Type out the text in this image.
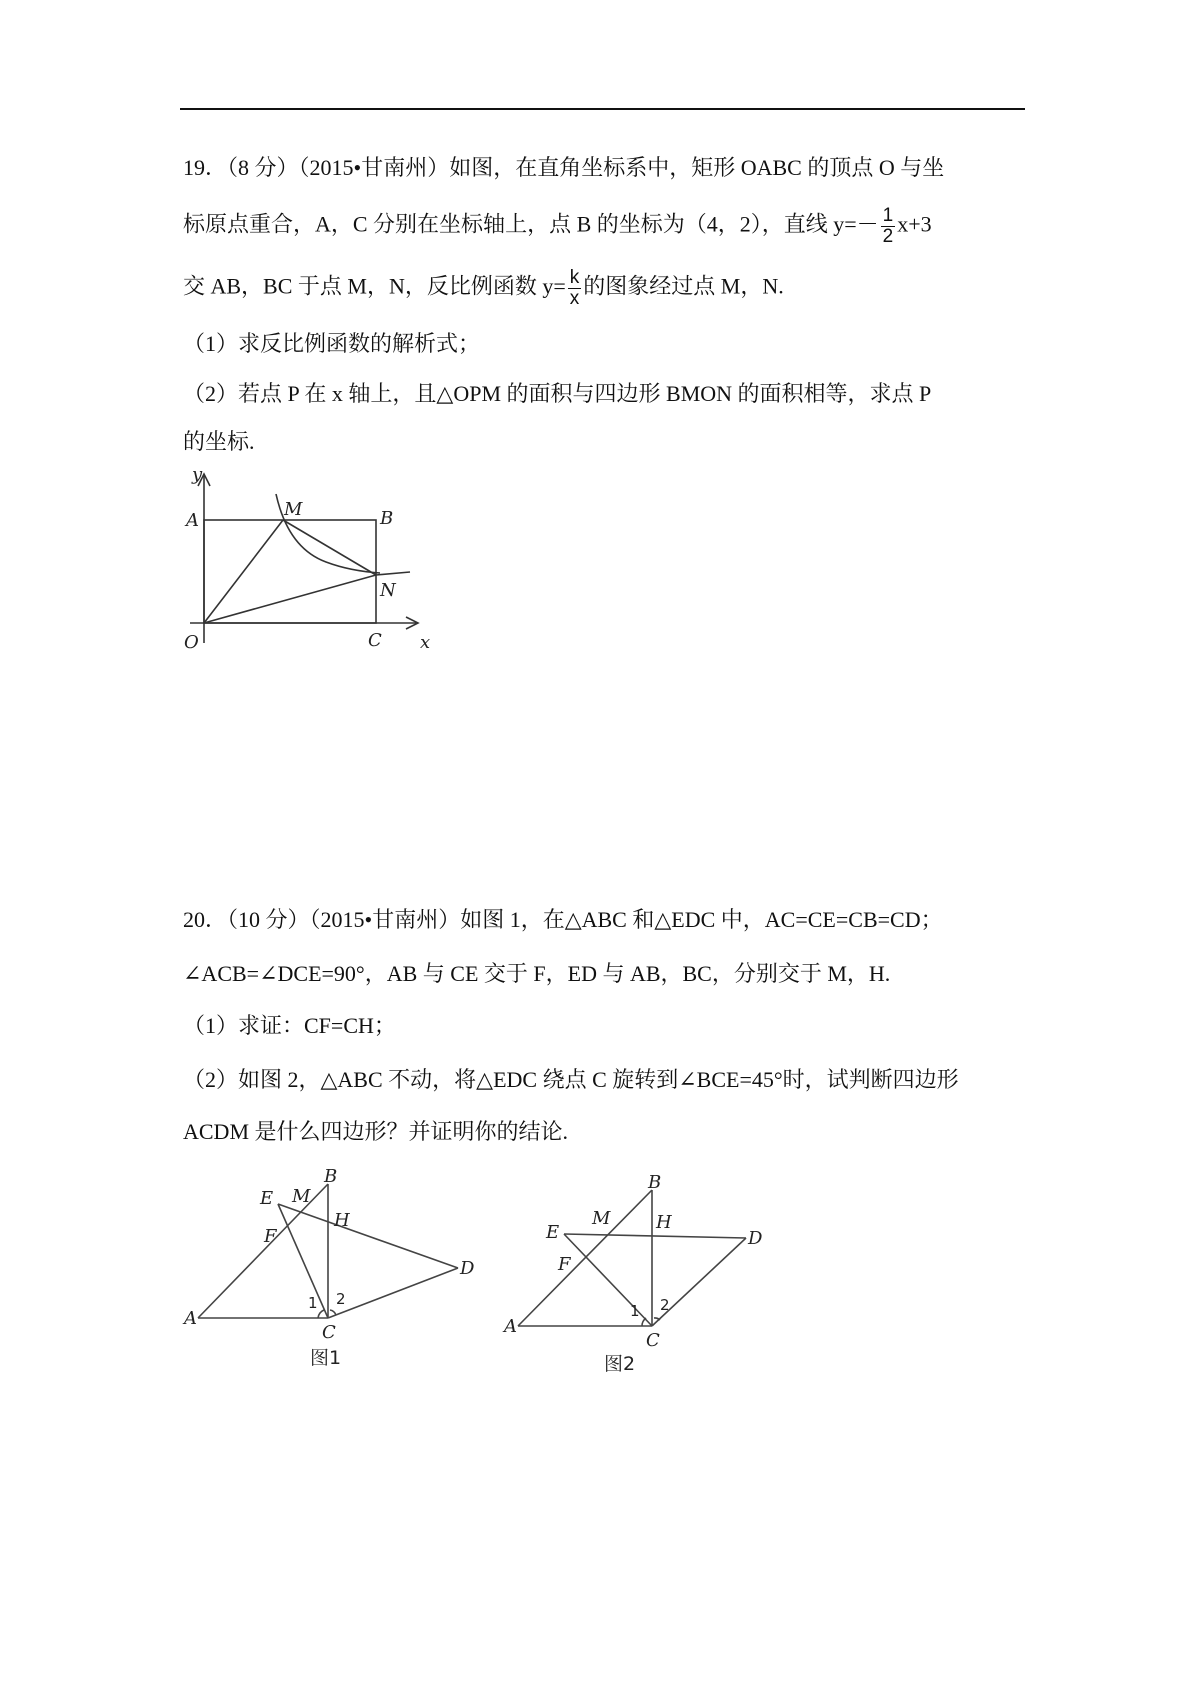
19．（8 分）（2015•甘南州）如图，在直角坐标系中，矩形 OABC 的顶点 O 与坐
标原点重合，A，C 分别在坐标轴上，点 B 的坐标为（4，2），直线 $y=- \frac{1}{2} x+3$
交 AB，BC 于点 M，N，反比例函数 $y= \frac{k}{x}$ 的图象经过点 M，N.
（1）求反比例函数的解析式；
（2）若点 P 在 x 轴上，且△OPM 的面积与四边形 BMON 的面积相等，求点 P
的坐标.
y
A
M	B
N
O	C x
20．（10 分）（2015•甘南州）如图 1，在△ABC 和△EDC 中，AC=CE=CB=CD；
∠ACB=∠DCE=90°，AB 与 CE 交于 F，ED 与 AB，BC，分别交于 M，H.
（1）求证：CF=CH；
（2）如图 2，△ABC 不动，将△EDC 绕点 C 旋转到∠BCE=45°时，试判断四边形
ACDM 是什么四边形？并证明你的结论.
B
E M
H
F
D
A
C
1 2
图1
B
E
M	H
F
D
A
C
1 2
图2
